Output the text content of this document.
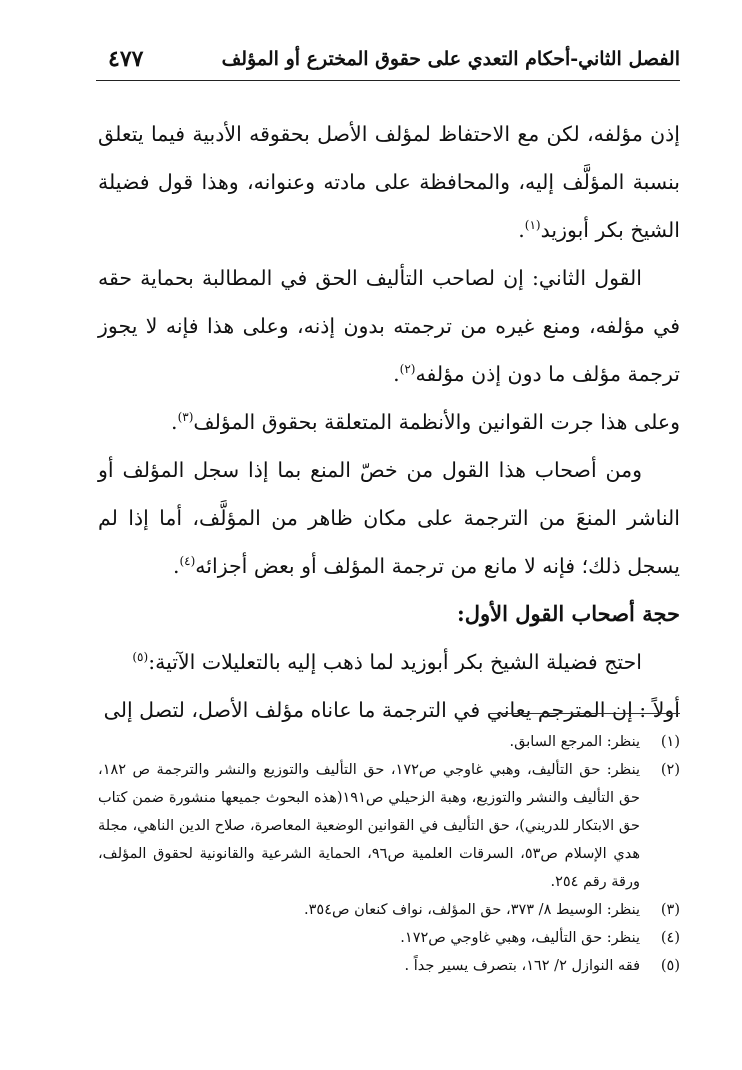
الفصل الثاني-أحكام التعدي على حقوق المخترع أو المؤلف
٤٧٧

إذن مؤلفه، لكن مع الاحتفاظ لمؤلف الأصل بحقوقه الأدبية فيما يتعلق بنسبة المؤلَّف إليه، والمحافظة على مادته وعنوانه، وهذا قول فضيلة الشيخ بكر أبوزيد$^{(١)}$.

القول الثاني: إن لصاحب التأليف الحق في المطالبة بحماية حقه في مؤلفه، ومنع غيره من ترجمته بدون إذنه، وعلى هذا فإنه لا يجوز ترجمة مؤلف ما دون إذن مؤلفه$^{(٢)}$.

وعلى هذا جرت القوانين والأنظمة المتعلقة بحقوق المؤلف$^{(٣)}$.

ومن أصحاب هذا القول من خصّ المنع بما إذا سجل المؤلف أو الناشر المنعَ من الترجمة على مكان ظاهر من المؤلَّف، أما إذا لم يسجل ذلك؛ فإنه لا مانع من ترجمة المؤلف أو بعض أجزائه$^{(٤)}$.

حجة أصحاب القول الأول:

احتج فضيلة الشيخ بكر أبوزيد لما ذهب إليه بالتعليلات الآتية:$^{(٥)}$

أولاً : إن المترجم يعاني في الترجمة ما عاناه مؤلف الأصل، لتصل إلى

(١)
ينظر: المرجع السابق.
(٢)
ينظر: حق التأليف، وهبي غاوجي ص١٧٢، حق التأليف والتوزيع والنشر والترجمة ص ١٨٢، حق التأليف والنشر والتوزيع، وهبة الزحيلي ص١٩١(هذه البحوث جميعها منشورة ضمن كتاب حق الابتكار للدريني)، حق التأليف في القوانين الوضعية المعاصرة، صلاح الدين الناهي، مجلة هدي الإسلام ص٥٣، السرقات العلمية ص٩٦، الحماية الشرعية والقانونية لحقوق المؤلف، ورقة رقم ٢٥٤.
(٣)
ينظر: الوسيط ٨/ ٣٧٣، حق المؤلف، نواف كنعان ص٣٥٤.
(٤)
ينظر: حق التأليف، وهبي غاوجي ص١٧٢.
(٥)
فقه النوازل ٢/ ١٦٢، بتصرف يسير جداً .
